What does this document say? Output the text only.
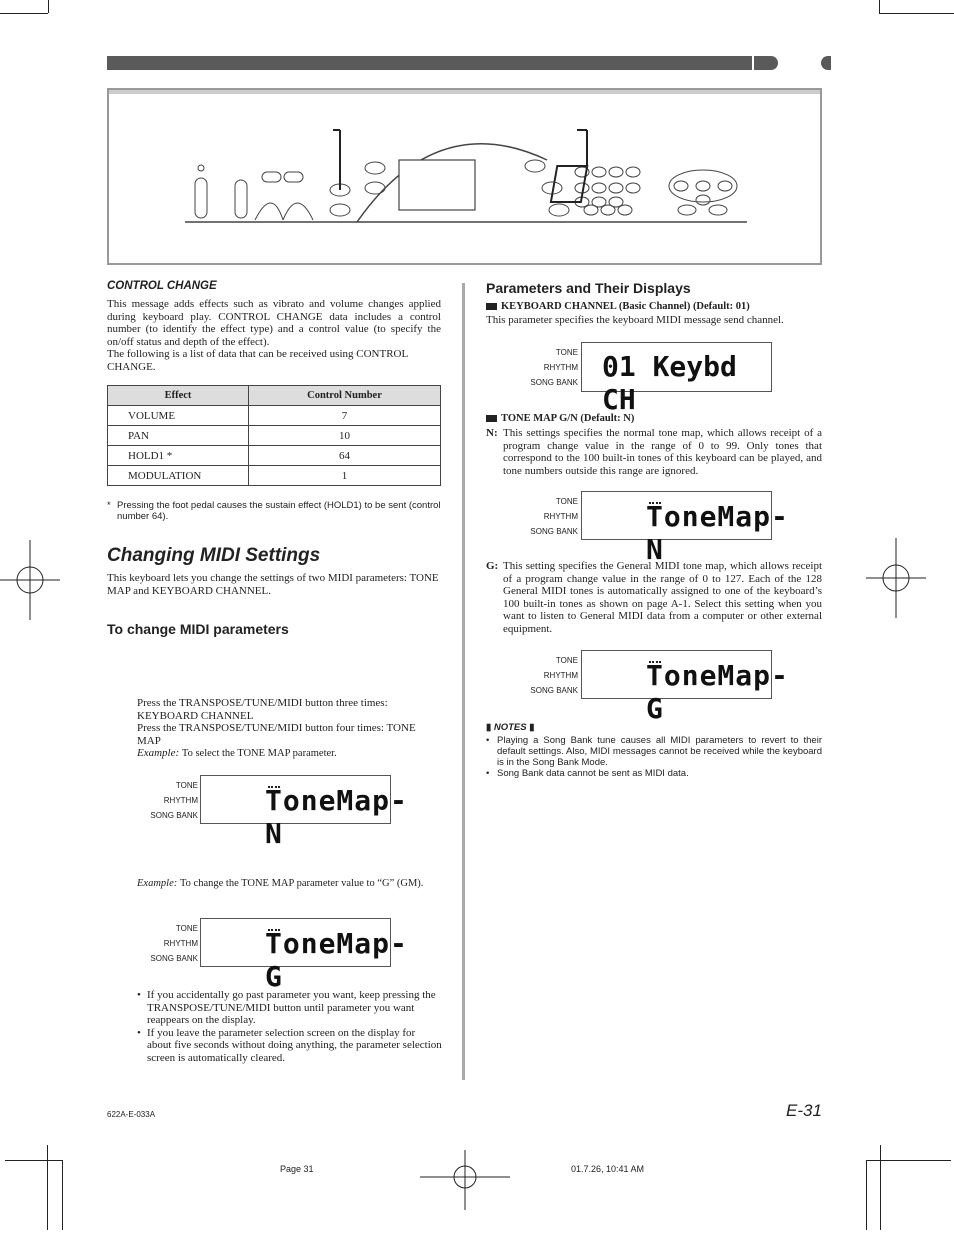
CONTROL CHANGE
This message adds effects such as vibrato and volume changes applied during keyboard play. CONTROL CHANGE data includes a control number (to identify the effect type) and a control value (to specify the on/off status and depth of the effect).
The following is a list of data that can be received using CONTROL CHANGE.
Effect	Control Number
VOLUME	7
PAN	10
HOLD1 *	64
MODULATION	1
* Pressing the foot pedal causes the sustain effect (HOLD1) to be sent (control number 64).
Changing MIDI Settings
This keyboard lets you change the settings of two MIDI parameters: TONE MAP and KEYBOARD CHANNEL.
To change MIDI parameters
Press the TRANSPOSE/TUNE/MIDI button three times: KEYBOARD CHANNEL
Press the TRANSPOSE/TUNE/MIDI button four times: TONE MAP
Example: To select the TONE MAP parameter.
TONE
RHYTHM
SONG BANK ToneMap-N
Example: To change the TONE MAP parameter value to “G” (GM).
TONE
RHYTHM
SONG BANK ToneMap-G
• If you accidentally go past parameter you want, keep pressing the TRANSPOSE/TUNE/MIDI button until parameter you want reappears on the display.
• If you leave the parameter selection screen on the display for about five seconds without doing anything, the parameter selection screen is automatically cleared.
Parameters and Their Displays
KEYBOARD CHANNEL (Basic Channel) (Default: 01)
This parameter specifies the keyboard MIDI message send channel.
TONE
RHYTHM
SONG BANK 01 Keybd CH
TONE MAP G/N (Default: N)
N: This settings specifies the normal tone map, which allows receipt of a program change value in the range of 0 to 99. Only tones that correspond to the 100 built-in tones of this keyboard can be played, and tone numbers outside this range are ignored.
TONE
RHYTHM
SONG BANK ToneMap-N
G: This setting specifies the General MIDI tone map, which allows receipt of a program change value in the range of 0 to 127. Each of the 128 General MIDI tones is automatically assigned to one of the keyboard’s 100 built-in tones as shown on page A-1. Select this setting when you want to listen to General MIDI data from a computer or other external equipment.
TONE
RHYTHM
SONG BANK ToneMap-G
▮ NOTES ▮
• Playing a Song Bank tune causes all MIDI parameters to revert to their default settings. Also, MIDI messages cannot be received while the keyboard is in the Song Bank Mode.
• Song Bank data cannot be sent as MIDI data.
622A-E-033A	E-31
Page 31	01.7.26, 10:41 AM
